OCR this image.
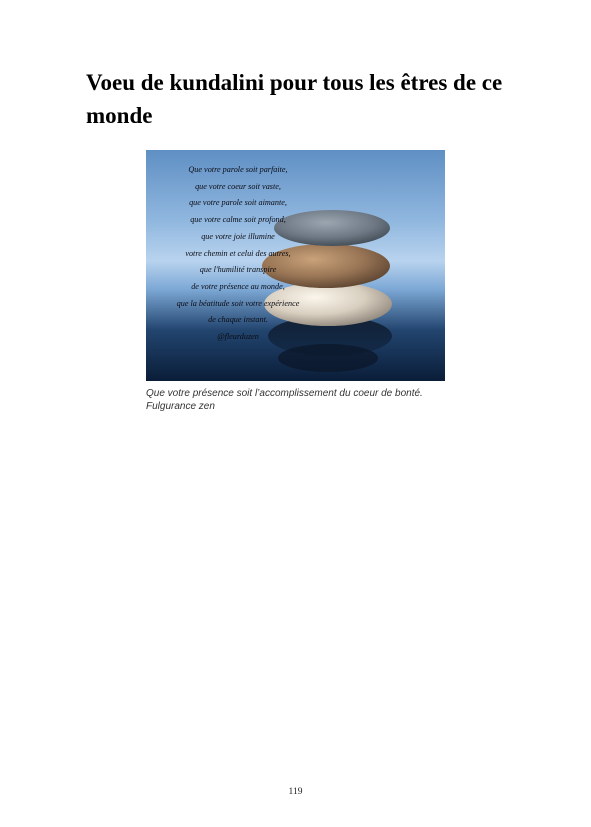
Voeu de kundalini pour tous les êtres de ce monde
Que votre parole soit parfaite,
que votre coeur soit vaste,
que votre parole soit aimante,
que votre calme soit profond,
que votre joie illumine
votre chemin et celui des autres,
que l'humilité transpire
de votre présence au monde,
que la béatitude soit votre expérience
de chaque instant.
@fleurduzen

Que votre présence soit l’accomplissement du coeur de bonté. Fulgurance zen

119
